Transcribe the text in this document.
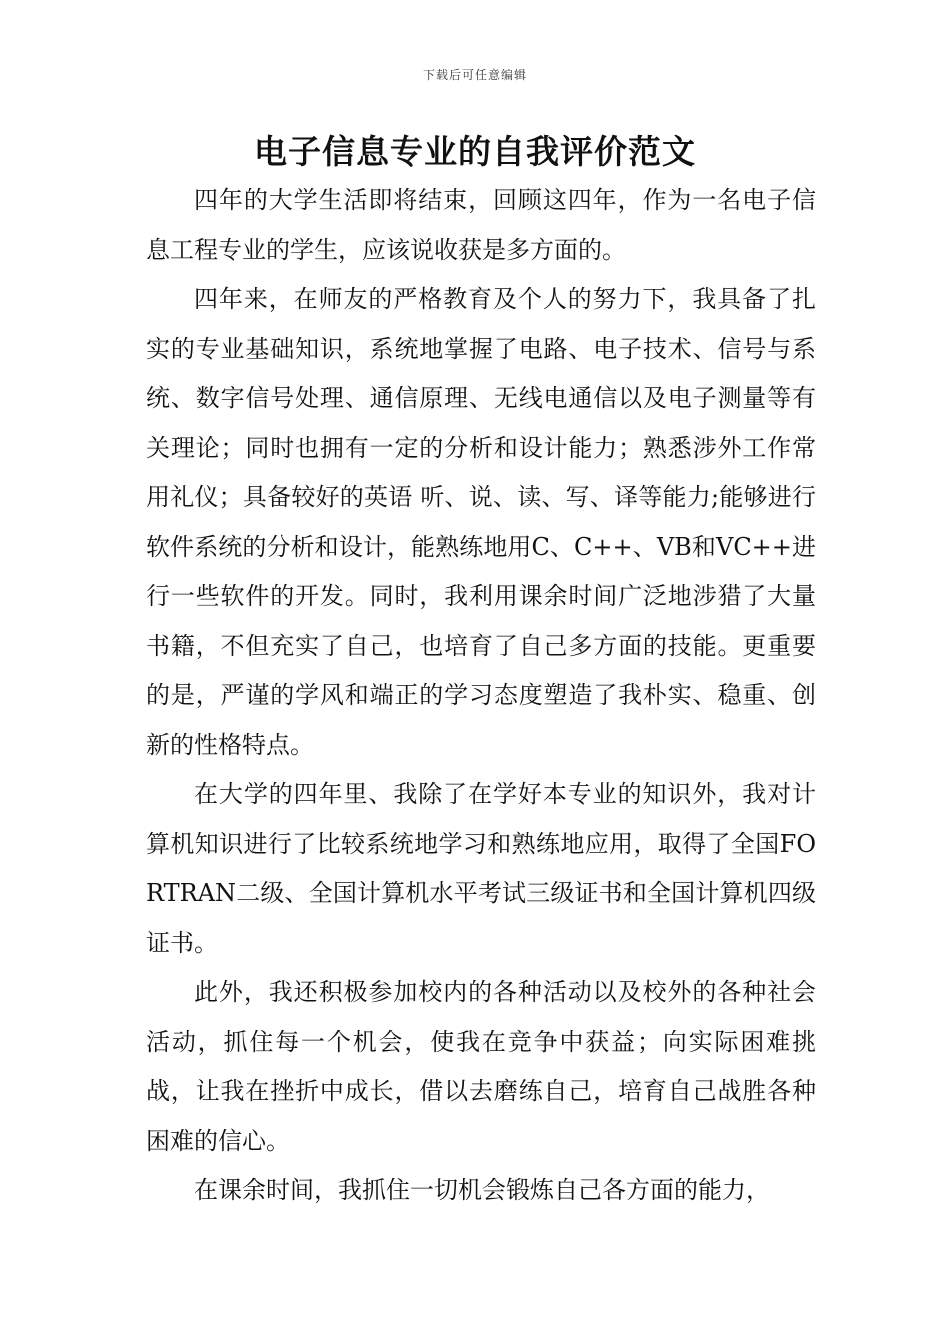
下载后可任意编辑
电子信息专业的自我评价范文

四年的大学生活即将结束，回顾这四年，作为一名电子信息工程专业的学生，应该说收获是多方面的。

四年来，在师友的严格教育及个人的努力下，我具备了扎实的专业基础知识，系统地掌握了电路、电子技术、信号与系统、数字信号处理、通信原理、无线电通信以及电子测量等有关理论；同时也拥有一定的分析和设计能力；熟悉涉外工作常用礼仪；具备较好的英语 听、说、读、写、译等能力;能够进行软件系统的分析和设计，能熟练地用C、C++、VB和VC++进行一些软件的开发。同时，我利用课余时间广泛地涉猎了大量书籍，不但充实了自己，也培育了自己多方面的技能。更重要的是，严谨的学风和端正的学习态度塑造了我朴实、稳重、创新的性格特点。

在大学的四年里、我除了在学好本专业的知识外，我对计算机知识进行了比较系统地学习和熟练地应用，取得了全国FORTRAN二级、全国计算机水平考试三级证书和全国计算机四级证书。

此外，我还积极参加校内的各种活动以及校外的各种社会活动，抓住每一个机会，使我在竞争中获益；向实际困难挑战，让我在挫折中成长，借以去磨练自己，培育自己战胜各种困难的信心。

在课余时间，我抓住一切机会锻炼自己各方面的能力，
